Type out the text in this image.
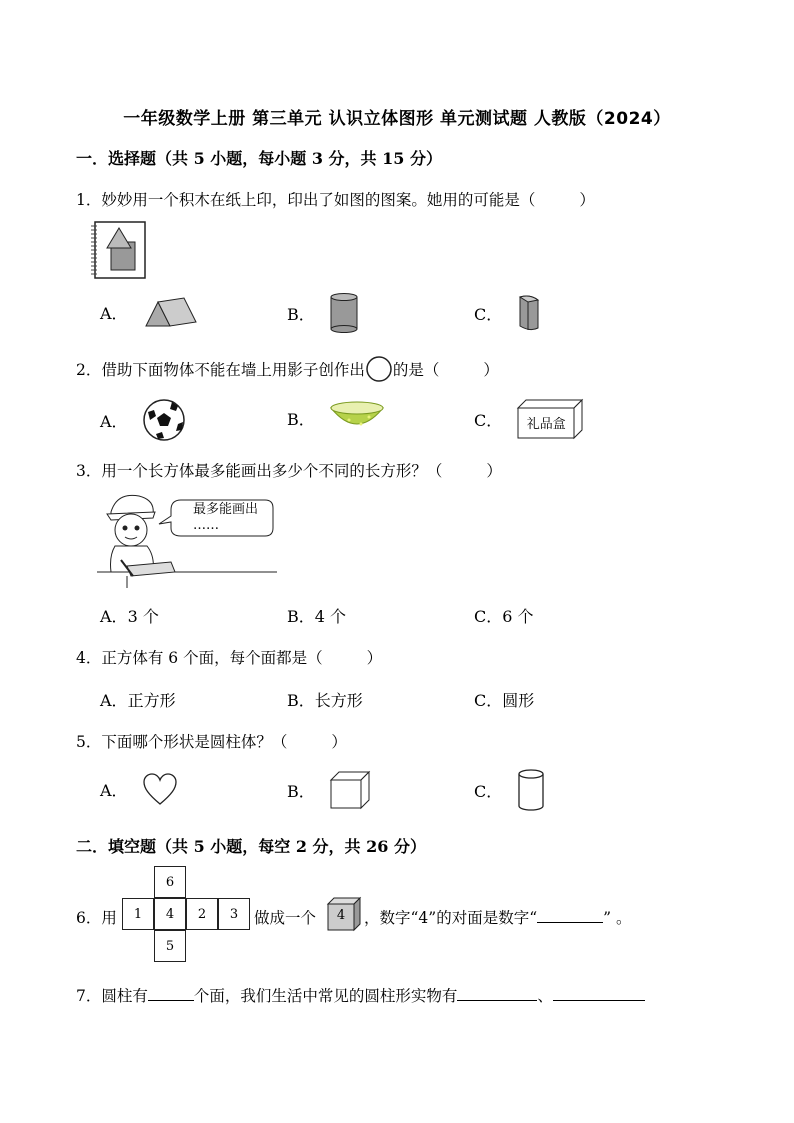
一年级数学上册 第三单元 认识立体图形 单元测试题 人教版（2024）
一．选择题（共 5 小题，每小题 3 分，共 15 分）
1．妙妙用一个积木在纸上印，印出了如图的图案。她用的可能是（	）
A．	B．	C．
2． 借助下面物体不能在墙上用影子创作出 的是（	）
A．	B．	C．	礼品盒
3．用一个长方体最多能画出多少个不同的长方形？（	）
最多能画出
……
A． 3 个	B． 4 个	C． 6 个
4．正方体有 6 个面，每个面都是（	）
A． 正方形	B． 长方形	C． 圆形
5．下面哪个形状是圆柱体？（	）
A．	B．	C．
二．填空题（共 5 小题，每空 2 分，共 26 分）
6．用
6
1	4	2	3
5
做成一个	4	，数字“4”的对面是数字“	” 。
7．圆柱有	个面，我们生活中常见的圆柱形实物有	、
